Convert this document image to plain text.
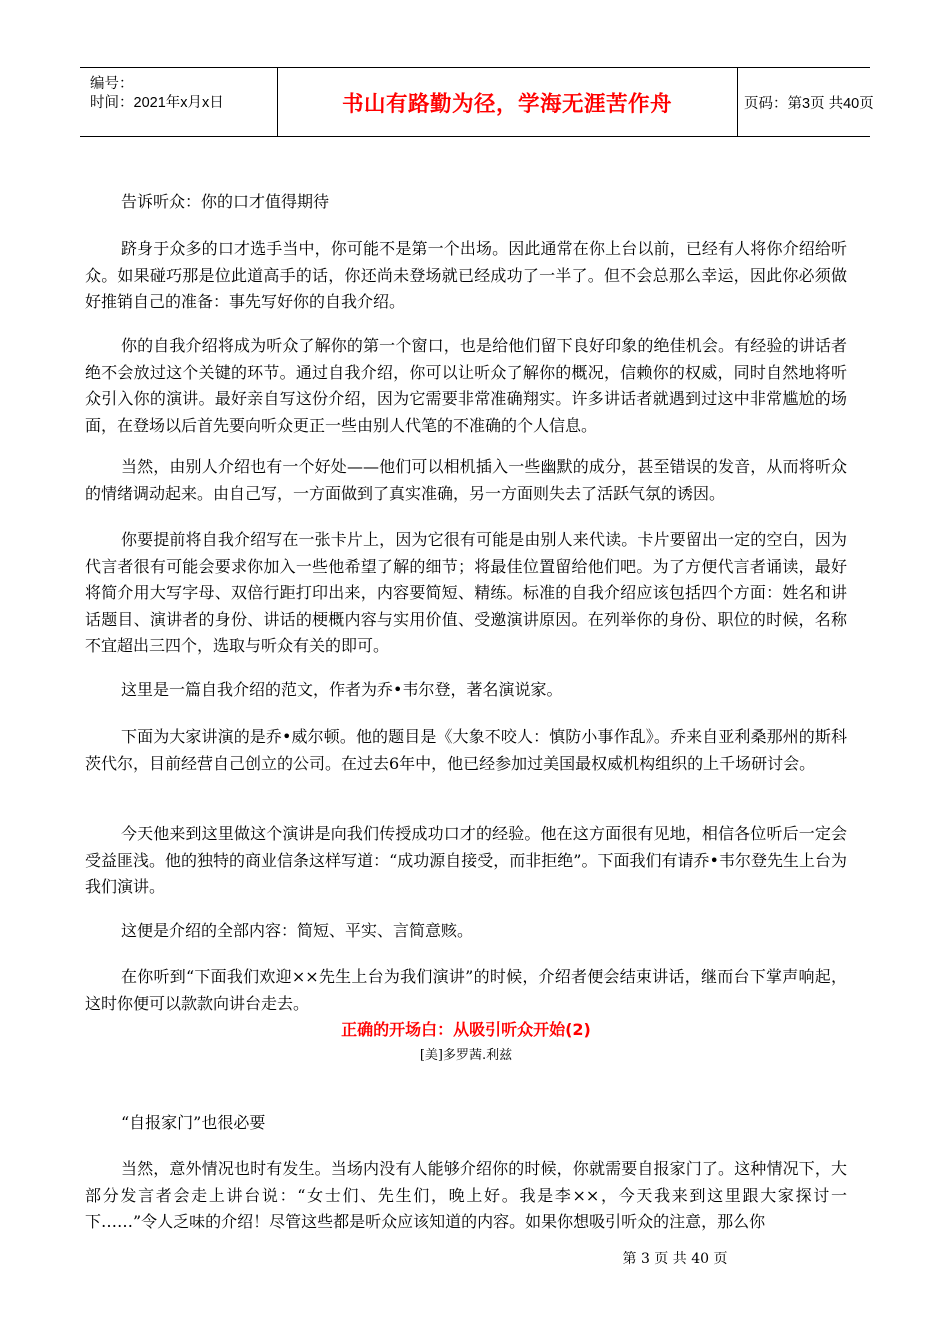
编号：
时间：2021年x月x日	书山有路勤为径，学海无涯苦作舟	页码：第3页 共40页

告诉听众：你的口才值得期待

跻身于众多的口才选手当中，你可能不是第一个出场。因此通常在你上台以前，已经有人将你介绍给听众。如果碰巧那是位此道高手的话，你还尚未登场就已经成功了一半了。但不会总那么幸运，因此你必须做好推销自己的准备：事先写好你的自我介绍。

你的自我介绍将成为听众了解你的第一个窗口，也是给他们留下良好印象的绝佳机会。有经验的讲话者绝不会放过这个关键的环节。通过自我介绍，你可以让听众了解你的概况，信赖你的权威，同时自然地将听众引入你的演讲。最好亲自写这份介绍，因为它需要非常准确翔实。许多讲话者就遇到过这中非常尴尬的场面，在登场以后首先要向听众更正一些由别人代笔的不准确的个人信息。

当然，由别人介绍也有一个好处——他们可以相机插入一些幽默的成分，甚至错误的发音，从而将听众的情绪调动起来。由自己写，一方面做到了真实准确，另一方面则失去了活跃气氛的诱因。

你要提前将自我介绍写在一张卡片上，因为它很有可能是由别人来代读。卡片要留出一定的空白，因为代言者很有可能会要求你加入一些他希望了解的细节；将最佳位置留给他们吧。为了方便代言者诵读，最好将简介用大写字母、双倍行距打印出来，内容要简短、精练。标准的自我介绍应该包括四个方面：姓名和讲话题目、演讲者的身份、讲话的梗概内容与实用价值、受邀演讲原因。在列举你的身份、职位的时候，名称不宜超出三四个，选取与听众有关的即可。

这里是一篇自我介绍的范文，作者为乔•韦尔登，著名演说家。

下面为大家讲演的是乔•威尔顿。他的题目是《大象不咬人：慎防小事作乱》。乔来自亚利桑那州的斯科茨代尔，目前经营自己创立的公司。在过去6年中，他已经参加过美国最权威机构组织的上千场研讨会。

今天他来到这里做这个演讲是向我们传授成功口才的经验。他在这方面很有见地，相信各位听后一定会受益匪浅。他的独特的商业信条这样写道：“成功源自接受，而非拒绝”。下面我们有请乔•韦尔登先生上台为我们演讲。

这便是介绍的全部内容：简短、平实、言简意赅。

在你听到“下面我们欢迎××先生上台为我们演讲”的时候，介绍者便会结束讲话，继而台下掌声响起，这时你便可以款款向讲台走去。

正确的开场白：从吸引听众开始(2)
[美]多罗茜.利兹

“自报家门”也很必要

当然，意外情况也时有发生。当场内没有人能够介绍你的时候，你就需要自报家门了。这种情况下，大部分发言者会走上讲台说：“女士们、先生们，晚上好。我是李××，今天我来到这里跟大家探讨一下……”令人乏味的介绍！尽管这些都是听众应该知道的内容。如果你想吸引听众的注意，那么你

第 3 页 共 40 页
